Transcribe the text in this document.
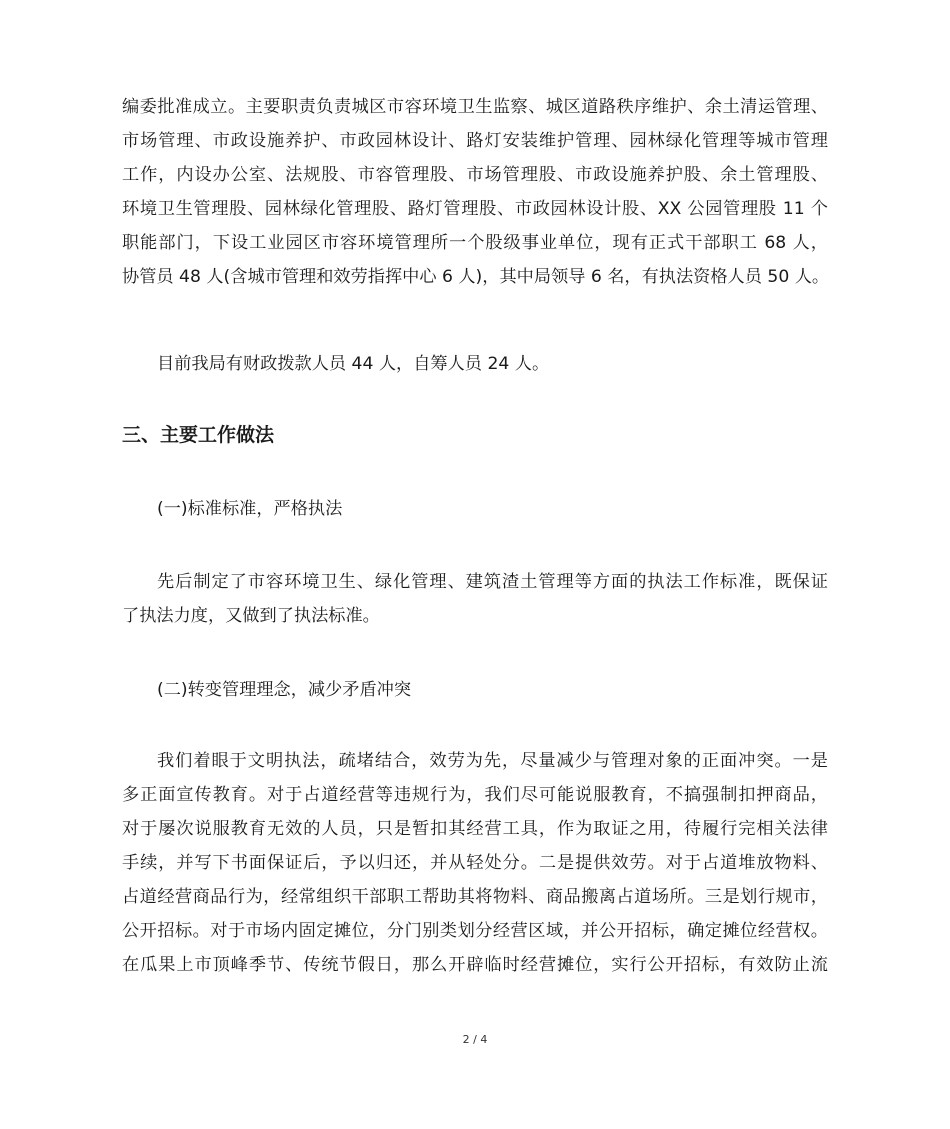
编委批准成立。主要职责负责城区市容环境卫生监察、城区道路秩序维护、余土清运管理、
市场管理、市政设施养护、市政园林设计、路灯安装维护管理、园林绿化管理等城市管理
工作，内设办公室、法规股、市容管理股、市场管理股、市政设施养护股、余土管理股、
环境卫生管理股、园林绿化管理股、路灯管理股、市政园林设计股、XX 公园管理股 11 个
职能部门，下设工业园区市容环境管理所一个股级事业单位，现有正式干部职工 68 人，
协管员 48 人(含城市管理和效劳指挥中心 6 人)，其中局领导 6 名，有执法资格人员 50 人。

目前我局有财政拨款人员 44 人，自筹人员 24 人。

三、主要工作做法

(一)标准标准，严格执法

先后制定了市容环境卫生、绿化管理、建筑渣土管理等方面的执法工作标准，既保证
了执法力度，又做到了执法标准。

(二)转变管理理念，减少矛盾冲突

我们着眼于文明执法，疏堵结合，效劳为先，尽量减少与管理对象的正面冲突。一是
多正面宣传教育。对于占道经营等违规行为，我们尽可能说服教育，不搞强制扣押商品，
对于屡次说服教育无效的人员，只是暂扣其经营工具，作为取证之用，待履行完相关法律
手续，并写下书面保证后，予以归还，并从轻处分。二是提供效劳。对于占道堆放物料、
占道经营商品行为，经常组织干部职工帮助其将物料、商品搬离占道场所。三是划行规市，
公开招标。对于市场内固定摊位，分门别类划分经营区域，并公开招标，确定摊位经营权。
在瓜果上市顶峰季节、传统节假日，那么开辟临时经营摊位，实行公开招标，有效防止流
2 / 4
